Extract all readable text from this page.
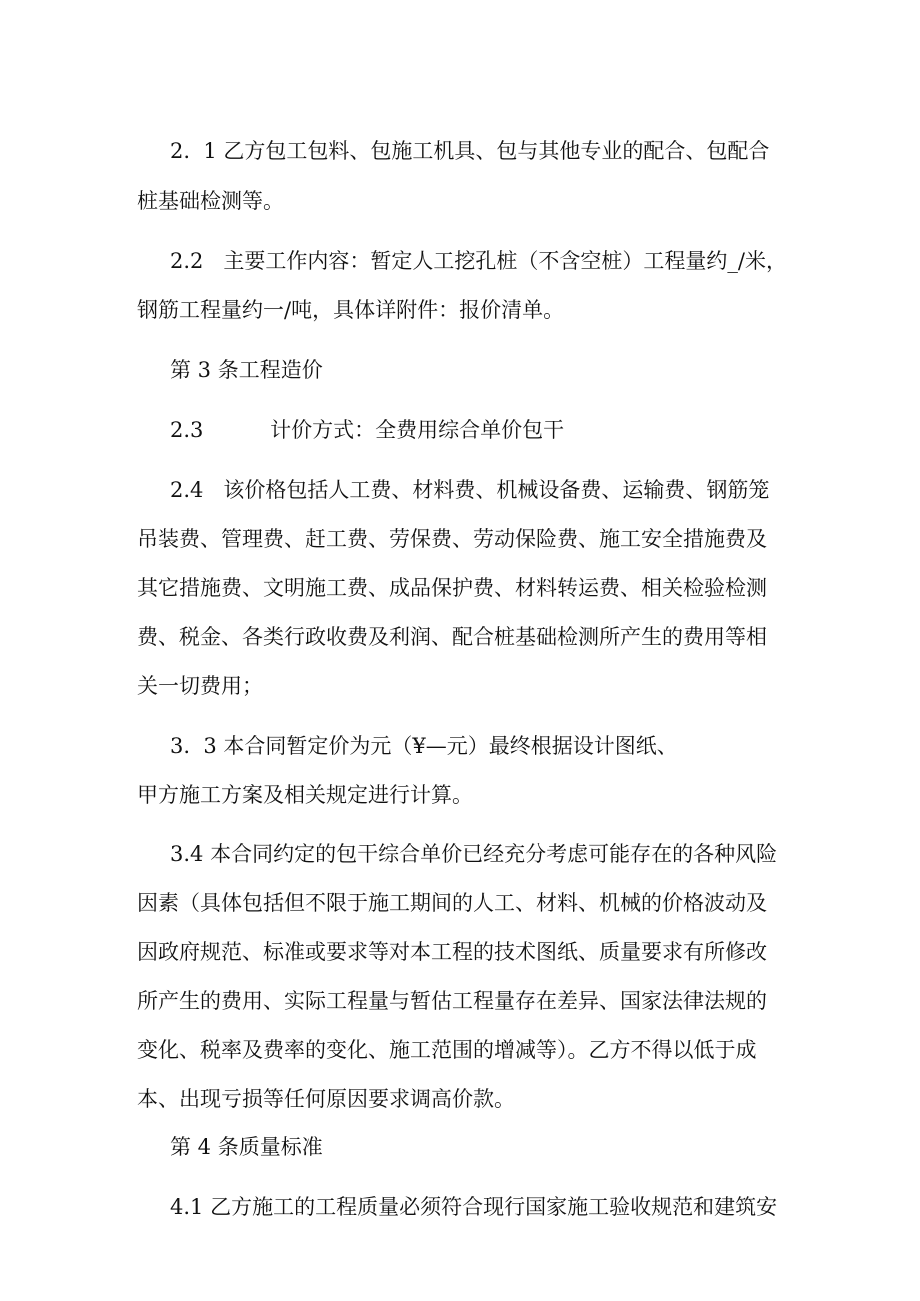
2.  1 乙方包工包料、包施工机具、包与其他专业的配合、包配合
桩基础检测等。
2.2   主要工作内容：暂定人工挖孔桩（不含空桩）工程量约_/米，
钢筋工程量约一/吨，具体详附件：报价清单。
第 3 条工程造价
2.3          计价方式：全费用综合单价包干
2.4   该价格包括人工费、材料费、机械设备费、运输费、钢筋笼
吊装费、管理费、赶工费、劳保费、劳动保险费、施工安全措施费及
其它措施费、文明施工费、成品保护费、材料转运费、相关检验检测
费、税金、各类行政收费及利润、配合桩基础检测所产生的费用等相
关一切费用；
3.  3 本合同暂定价为元（¥—元）最终根据设计图纸、
甲方施工方案及相关规定进行计算。
3.4 本合同约定的包干综合单价已经充分考虑可能存在的各种风险
因素（具体包括但不限于施工期间的人工、材料、机械的价格波动及
因政府规范、标准或要求等对本工程的技术图纸、质量要求有所修改
所产生的费用、实际工程量与暂估工程量存在差异、国家法律法规的
变化、税率及费率的变化、施工范围的增减等）。乙方不得以低于成
本、出现亏损等任何原因要求调高价款。
第 4 条质量标准
4.1 乙方施工的工程质量必须符合现行国家施工验收规范和建筑安
